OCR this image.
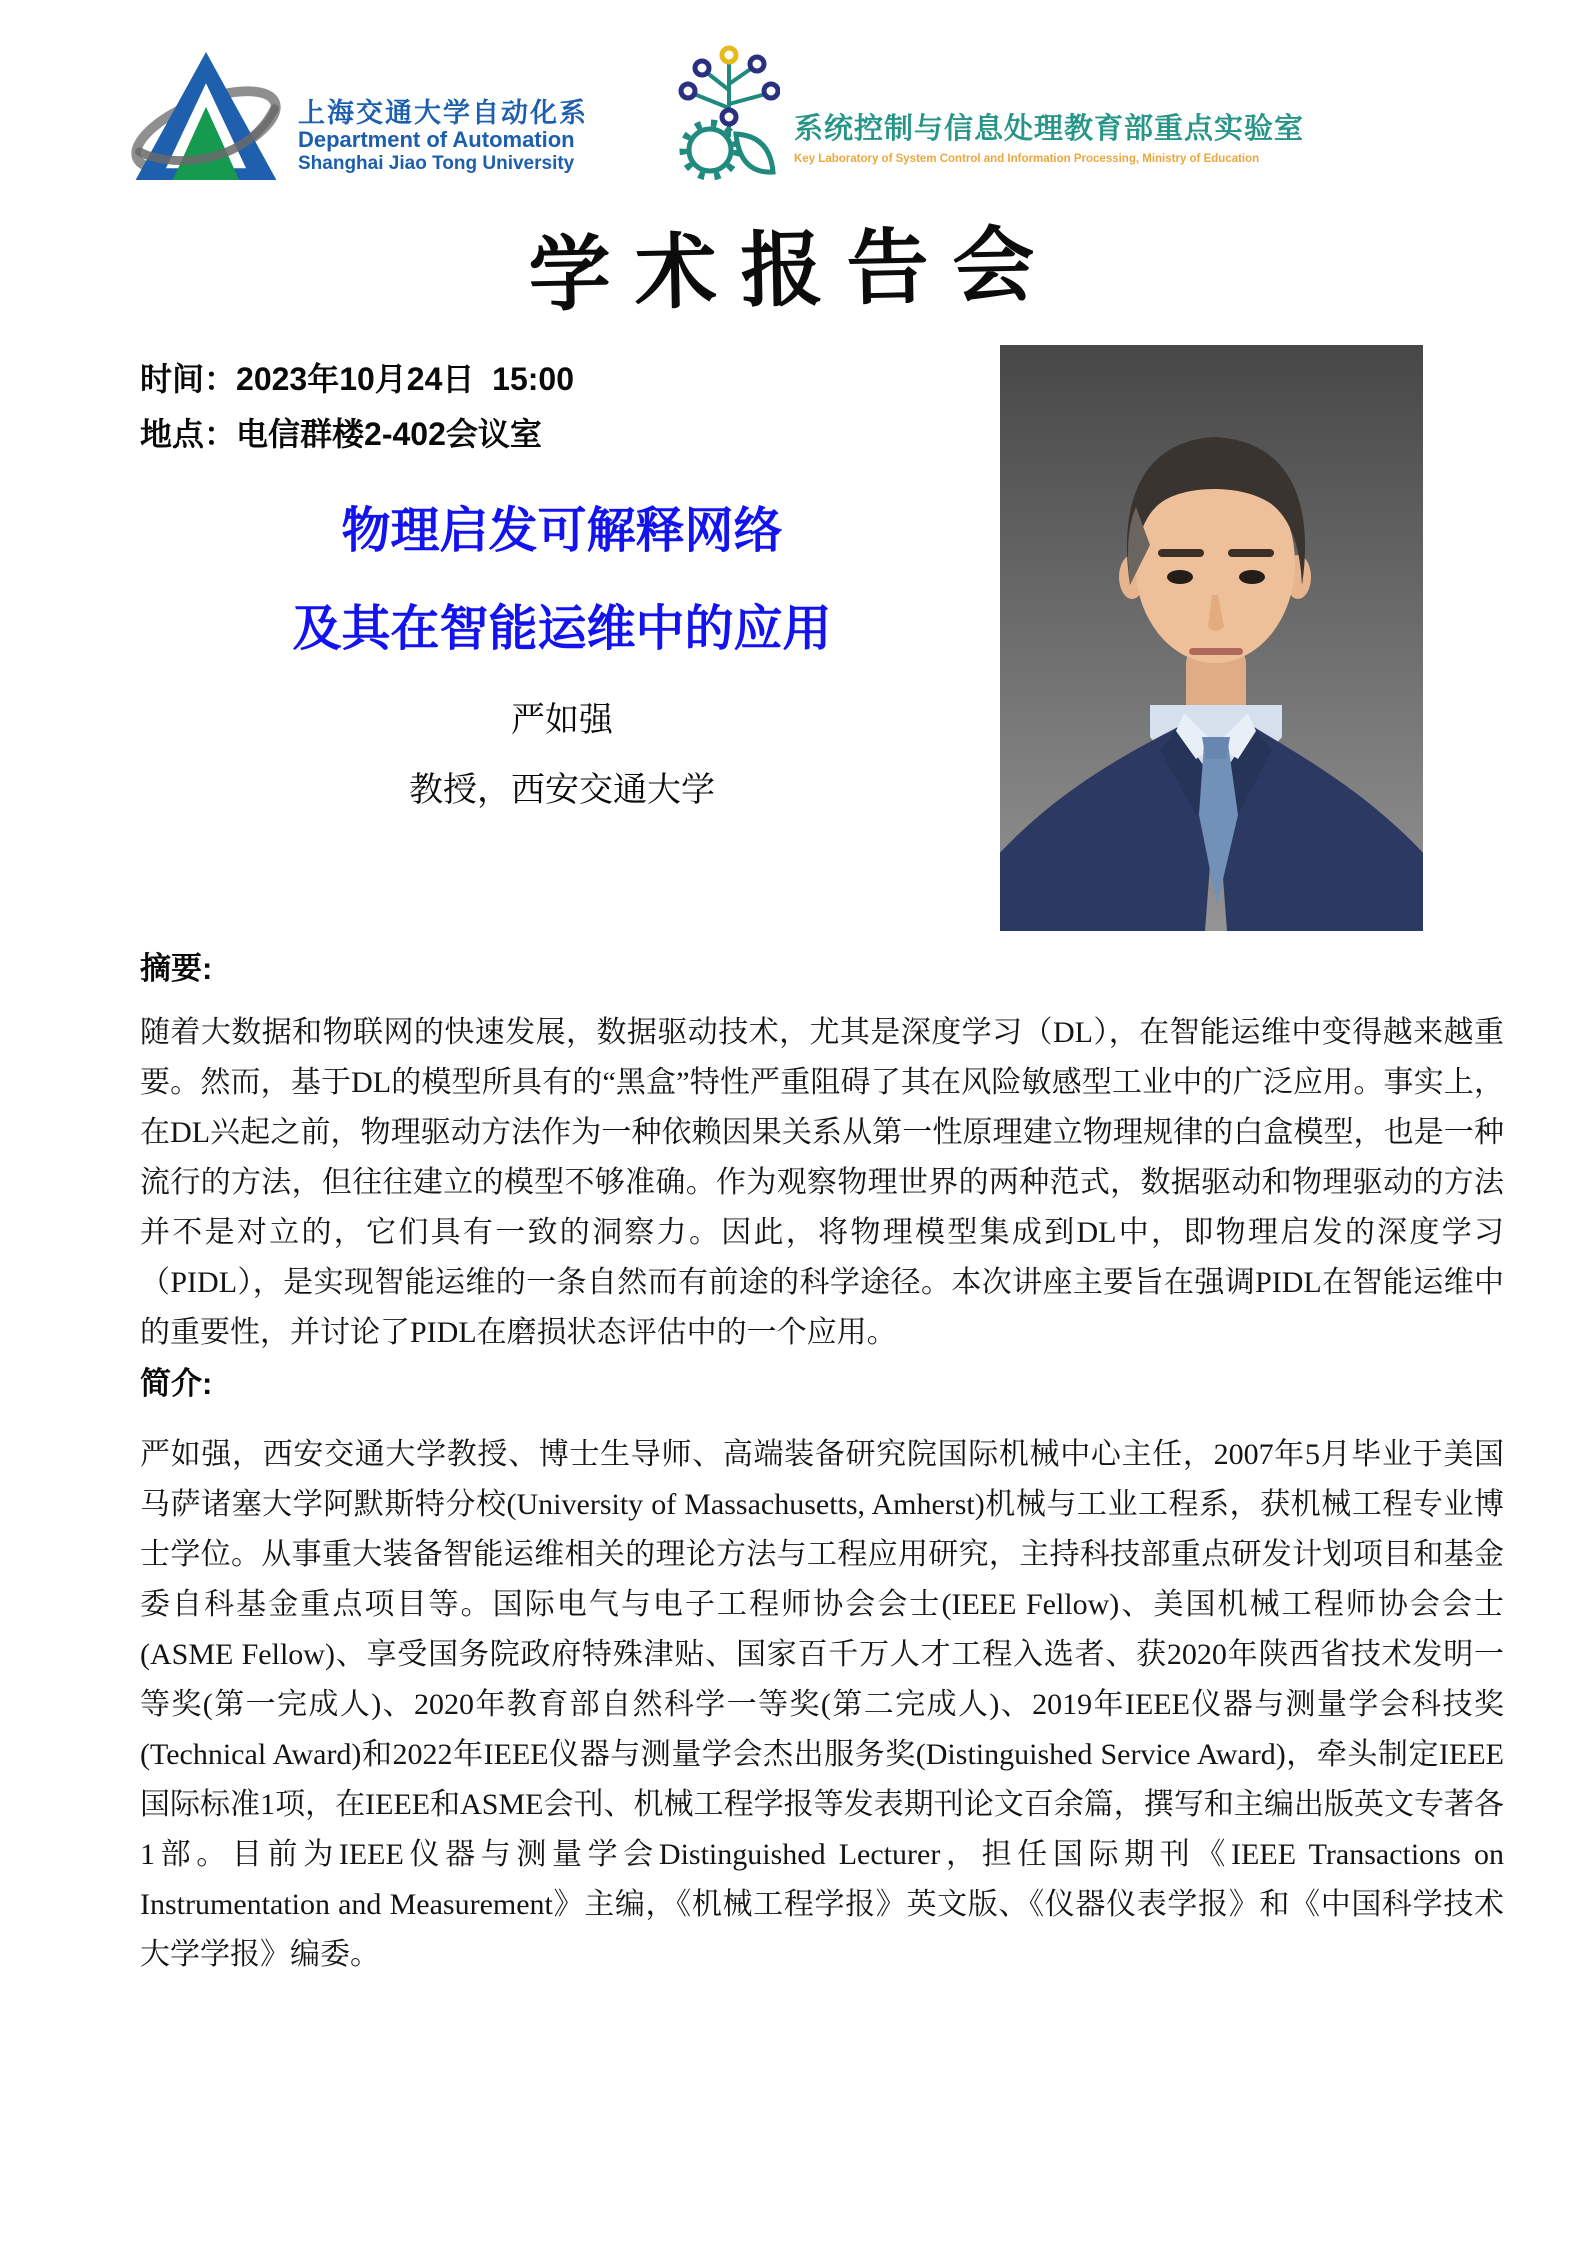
上海交通大学自动化系
Department of Automation
Shanghai Jiao Tong University
系统控制与信息处理教育部重点实验室
Key Laboratory of System Control and Information Processing, Ministry of Education
学术报告会
时间：2023年10月24日  15:00
地点：电信群楼2-402会议室
物理启发可解释网络
及其在智能运维中的应用
严如强
教授，西安交通大学
摘要:

随着大数据和物联网的快速发展，数据驱动技术，尤其是深度学习（DL），在智能运维中变得越来越重要。然而，基于DL的模型所具有的“黑盒”特性严重阻碍了其在风险敏感型工业中的广泛应用。事实上，在DL兴起之前，物理驱动方法作为一种依赖因果关系从第一性原理建立物理规律的白盒模型，也是一种流行的方法，但往往建立的模型不够准确。作为观察物理世界的两种范式，数据驱动和物理驱动的方法并不是对立的，它们具有一致的洞察力。因此，将物理模型集成到DL中，即物理启发的深度学习（PIDL），是实现智能运维的一条自然而有前途的科学途径。本次讲座主要旨在强调PIDL在智能运维中的重要性，并讨论了PIDL在磨损状态评估中的一个应用。

简介:

严如强，西安交通大学教授、博士生导师、高端装备研究院国际机械中心主任，2007年5月毕业于美国马萨诸塞大学阿默斯特分校(University of Massachusetts, Amherst)机械与工业工程系，获机械工程专业博士学位。从事重大装备智能运维相关的理论方法与工程应用研究，主持科技部重点研发计划项目和基金委自科基金重点项目等。国际电气与电子工程师协会会士(IEEE Fellow)、美国机械工程师协会会士(ASME Fellow)、享受国务院政府特殊津贴、国家百千万人才工程入选者、获2020年陕西省技术发明一等奖(第一完成人)、2020年教育部自然科学一等奖(第二完成人)、2019年IEEE仪器与测量学会科技奖(Technical Award)和2022年IEEE仪器与测量学会杰出服务奖(Distinguished Service Award)，牵头制定IEEE国际标准1项，在IEEE和ASME会刊、机械工程学报等发表期刊论文百余篇，撰写和主编出版英文专著各1部。目前为IEEE仪器与测量学会Distinguished Lecturer，担任国际期刊《IEEE Transactions on Instrumentation and Measurement》主编，《机械工程学报》英文版、《仪器仪表学报》和《中国科学技术大学学报》编委。
